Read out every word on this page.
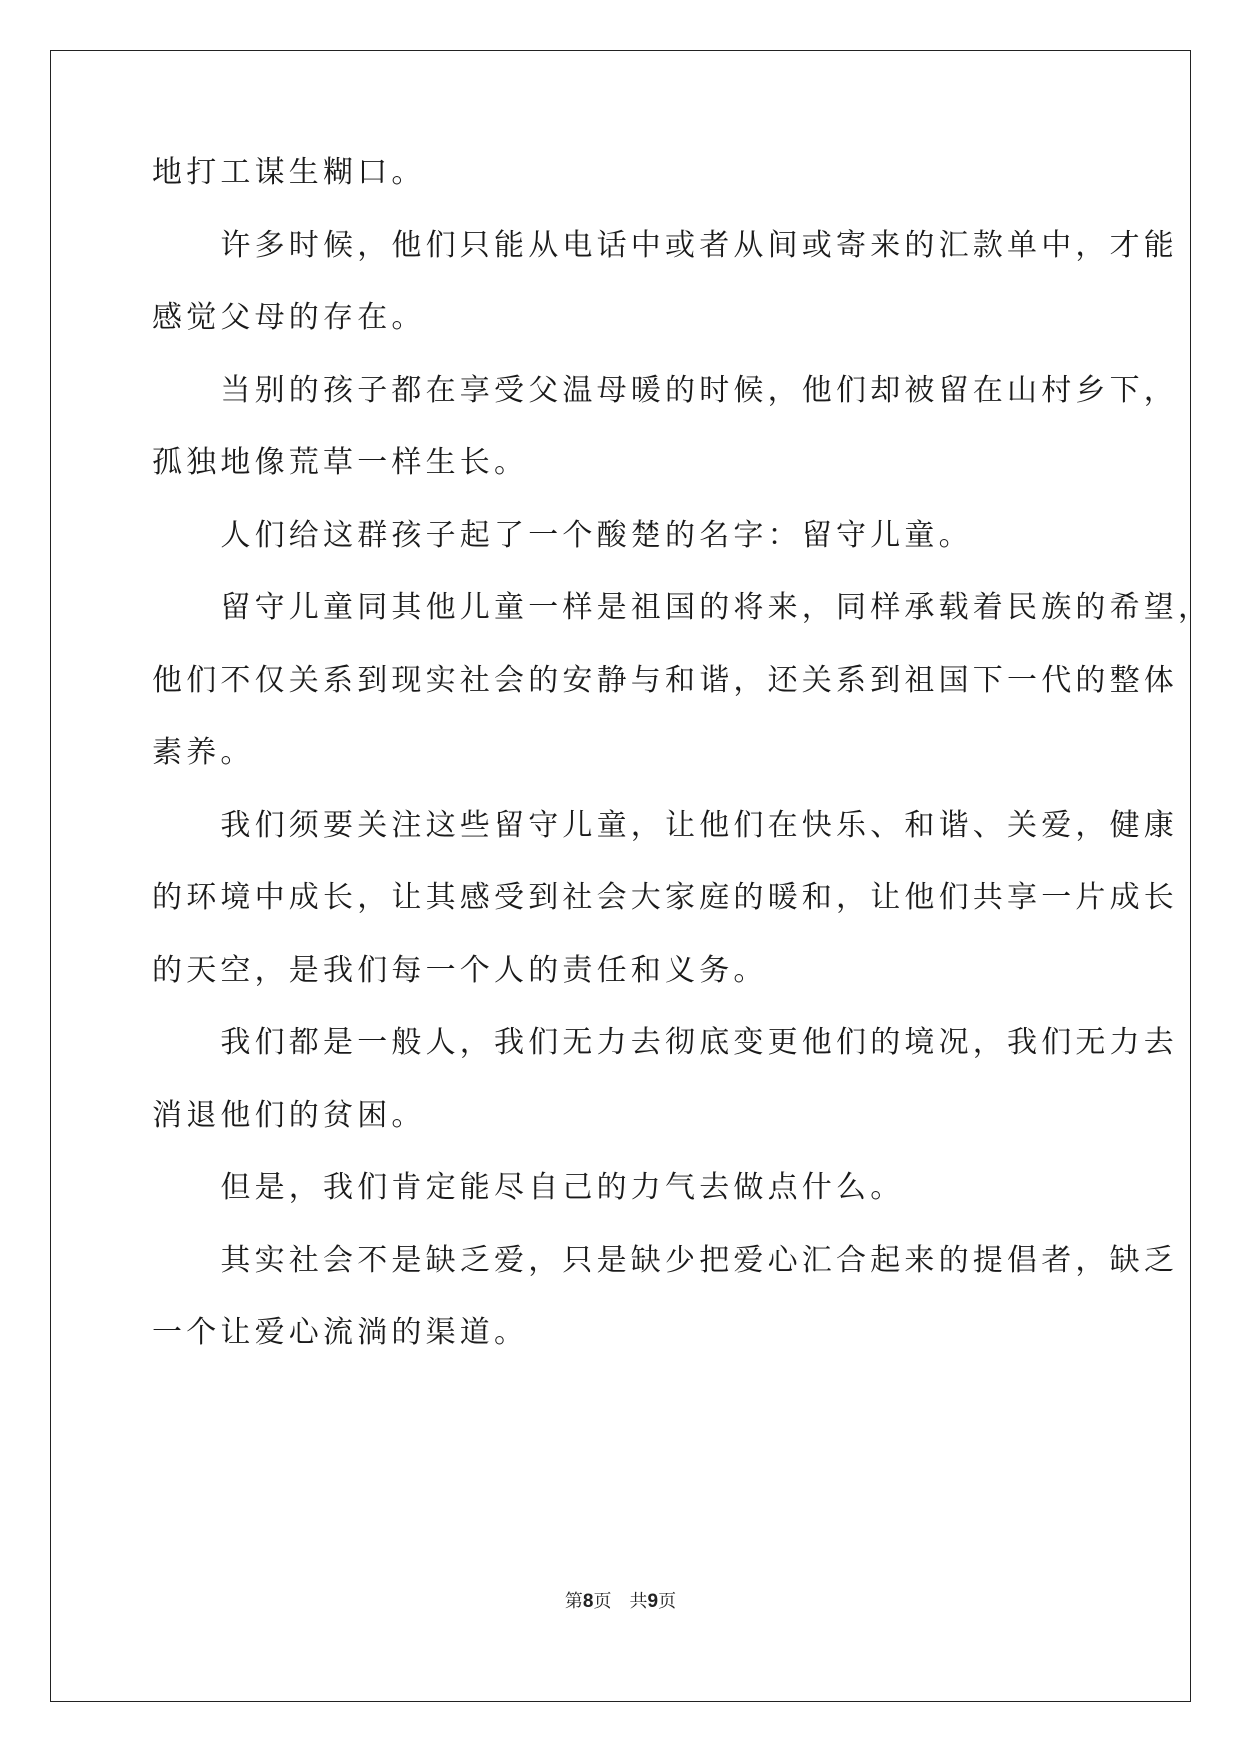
地打工谋生糊口。
　　许多时候，他们只能从电话中或者从间或寄来的汇款单中，才能
感觉父母的存在。
　　当别的孩子都在享受父温母暖的时候，他们却被留在山村乡下，
孤独地像荒草一样生长。
　　人们给这群孩子起了一个酸楚的名字：留守儿童。
　　留守儿童同其他儿童一样是祖国的将来，同样承载着民族的希望，
他们不仅关系到现实社会的安静与和谐，还关系到祖国下一代的整体
素养。
　　我们须要关注这些留守儿童，让他们在快乐、和谐、关爱，健康
的环境中成长，让其感受到社会大家庭的暖和，让他们共享一片成长
的天空，是我们每一个人的责任和义务。
　　我们都是一般人，我们无力去彻底变更他们的境况，我们无力去
消退他们的贫困。
　　但是，我们肯定能尽自己的力气去做点什么。
　　其实社会不是缺乏爱，只是缺少把爱心汇合起来的提倡者，缺乏
一个让爱心流淌的渠道。
第8页 共9页
